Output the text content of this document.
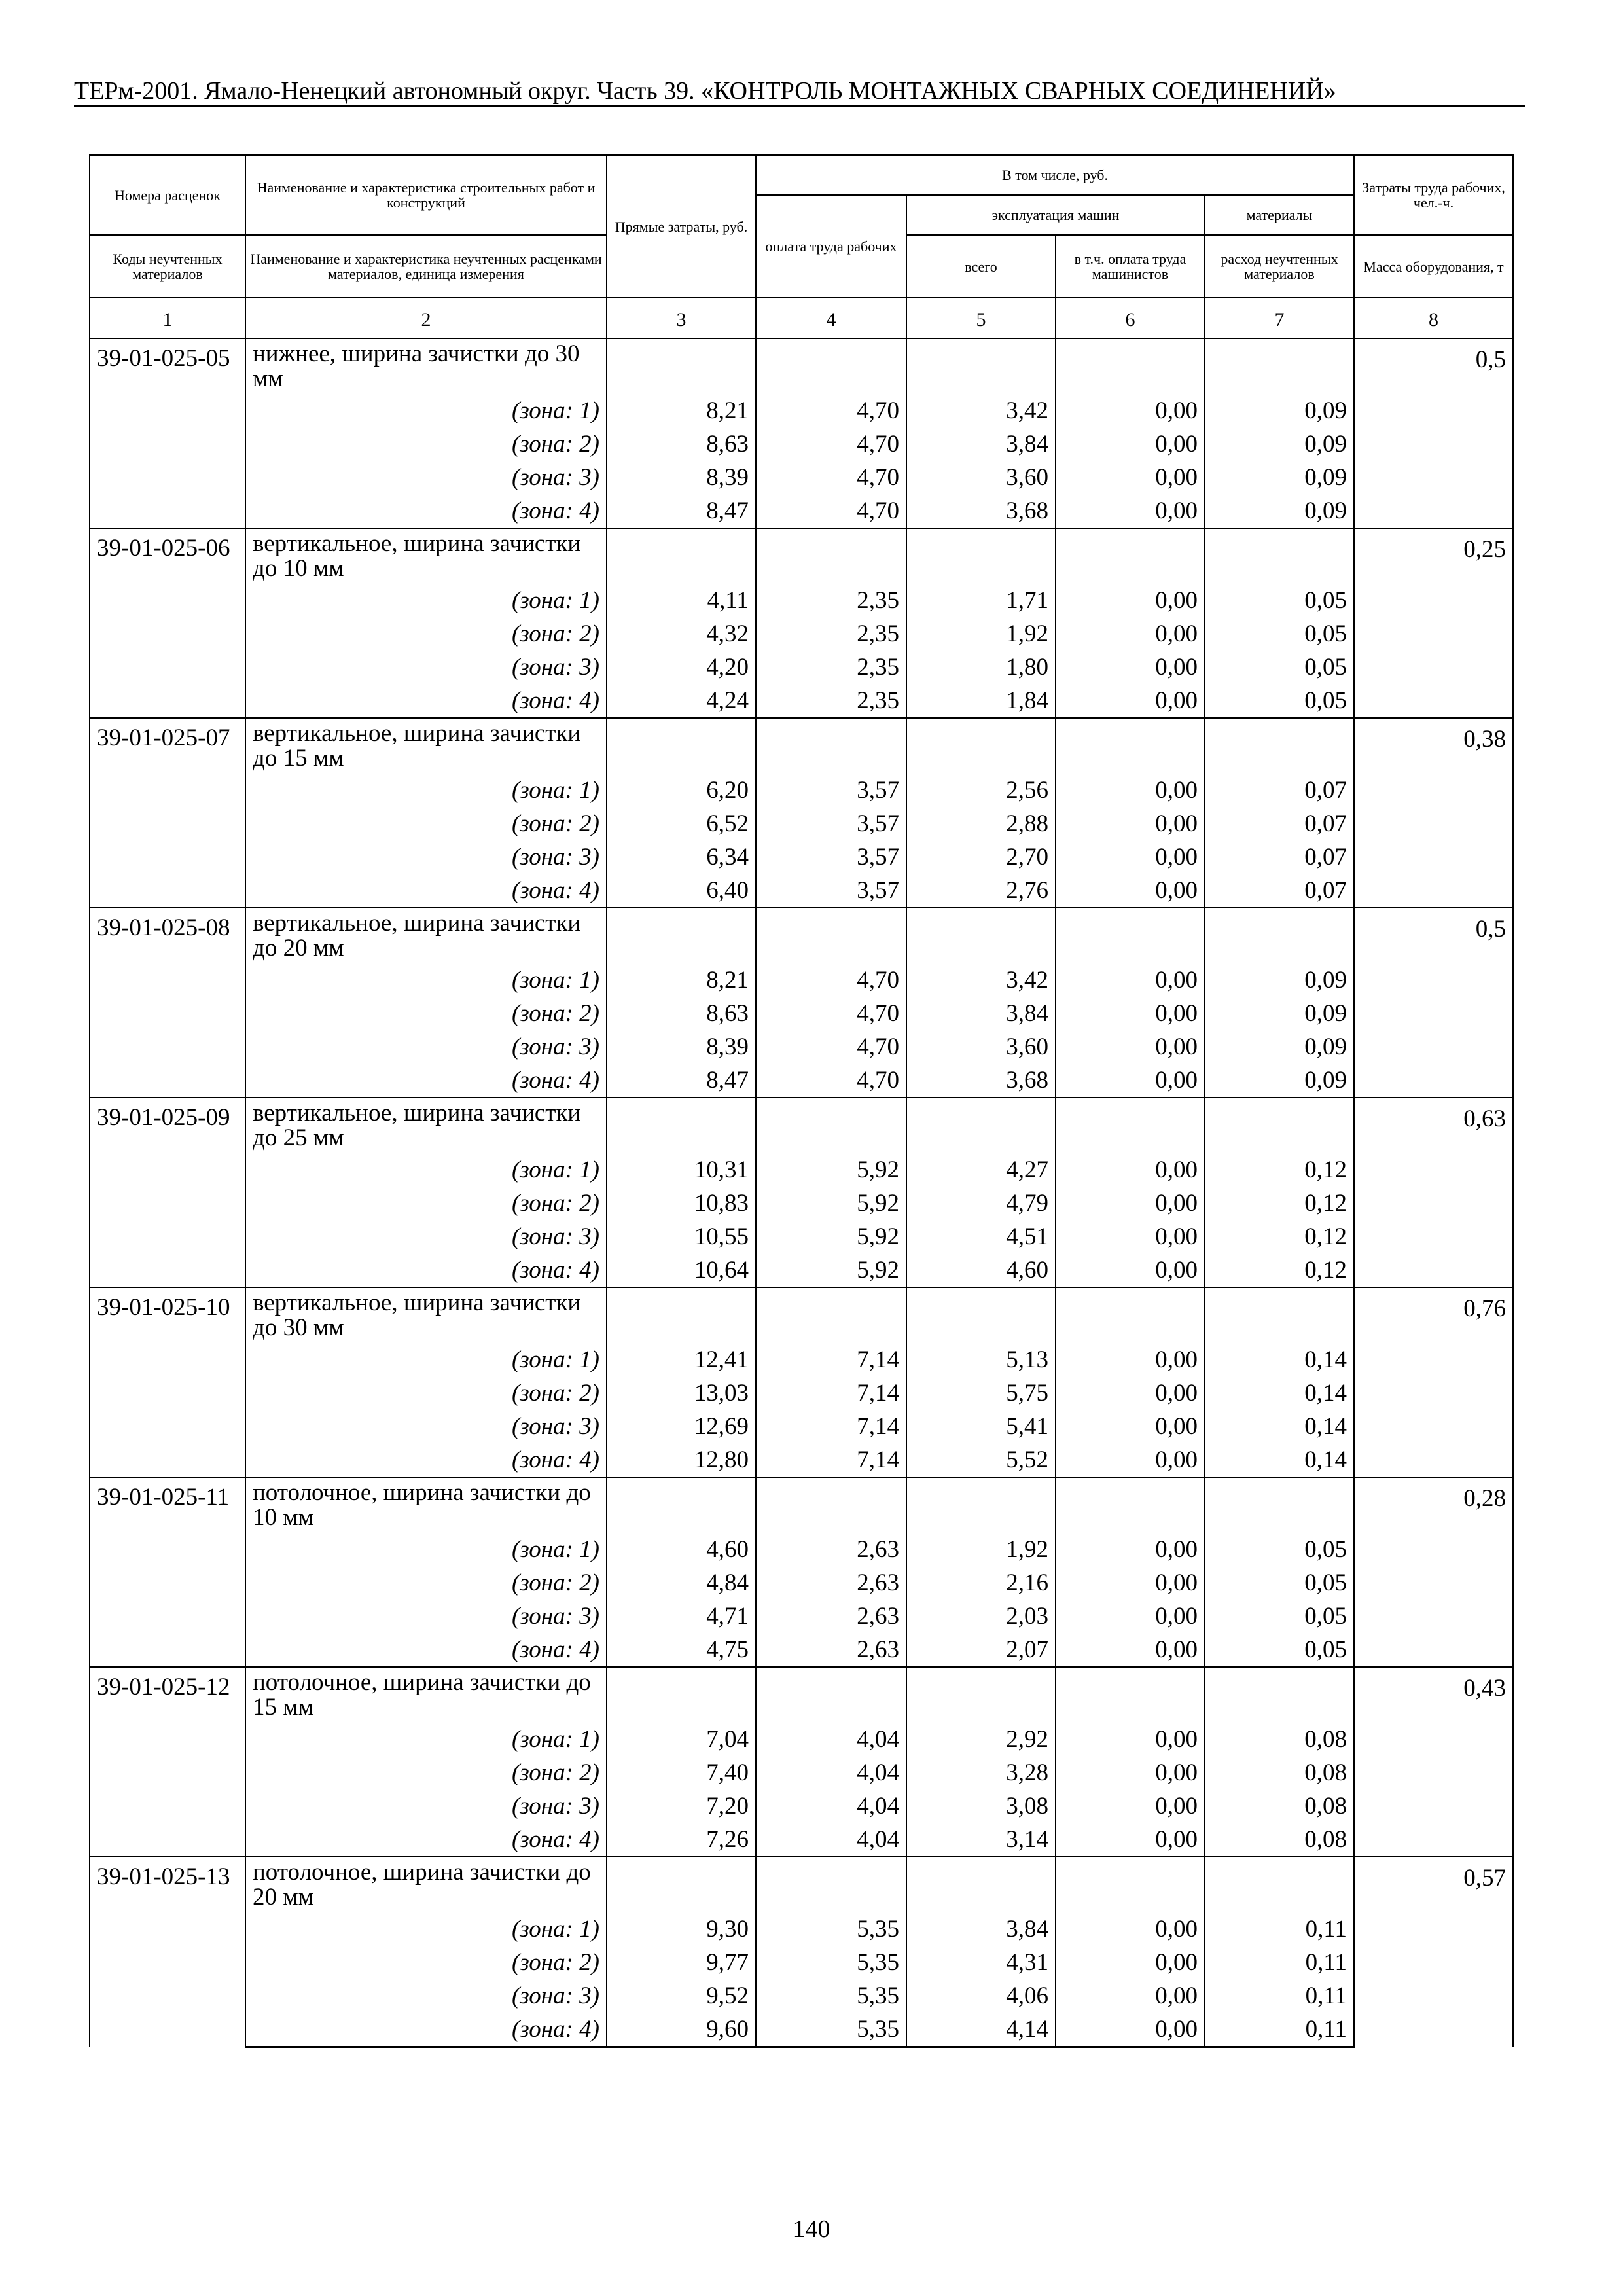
ТЕРм-2001. Ямало-Ненецкий автономный округ. Часть 39. «КОНТРОЛЬ МОНТАЖНЫХ СВАРНЫХ СОЕДИНЕНИЙ»
Номера расценок	Наименование и характеристика строительных работ и конструкций	Прямые затраты, руб.	В том числе, руб.				Затраты труда рабочих, чел.-ч.
			оплата труда рабочих	эксплуатация машин		материалы	
Коды неучтенных материалов	Наименование и характеристика неучтенных расценками материалов, единица измерения			всего	в т.ч. оплата труда машинистов	расход неучтенных материалов	Масса оборудования, т
1	2	3	4	5	6	7	8
39-01-025-05	нижнее, ширина зачистки до 30 мм						0,5
	(зона: 1)	8,21	4,70	3,42	0,00	0,09	
	(зона: 2)	8,63	4,70	3,84	0,00	0,09	
	(зона: 3)	8,39	4,70	3,60	0,00	0,09	
	(зона: 4)	8,47	4,70	3,68	0,00	0,09	
39-01-025-06	вертикальное, ширина зачистки до 10 мм						0,25
	(зона: 1)	4,11	2,35	1,71	0,00	0,05	
	(зона: 2)	4,32	2,35	1,92	0,00	0,05	
	(зона: 3)	4,20	2,35	1,80	0,00	0,05	
	(зона: 4)	4,24	2,35	1,84	0,00	0,05	
39-01-025-07	вертикальное, ширина зачистки до 15 мм						0,38
	(зона: 1)	6,20	3,57	2,56	0,00	0,07	
	(зона: 2)	6,52	3,57	2,88	0,00	0,07	
	(зона: 3)	6,34	3,57	2,70	0,00	0,07	
	(зона: 4)	6,40	3,57	2,76	0,00	0,07	
39-01-025-08	вертикальное, ширина зачистки до 20 мм						0,5
	(зона: 1)	8,21	4,70	3,42	0,00	0,09	
	(зона: 2)	8,63	4,70	3,84	0,00	0,09	
	(зона: 3)	8,39	4,70	3,60	0,00	0,09	
	(зона: 4)	8,47	4,70	3,68	0,00	0,09	
39-01-025-09	вертикальное, ширина зачистки до 25 мм						0,63
	(зона: 1)	10,31	5,92	4,27	0,00	0,12	
	(зона: 2)	10,83	5,92	4,79	0,00	0,12	
	(зона: 3)	10,55	5,92	4,51	0,00	0,12	
	(зона: 4)	10,64	5,92	4,60	0,00	0,12	
39-01-025-10	вертикальное, ширина зачистки до 30 мм						0,76
	(зона: 1)	12,41	7,14	5,13	0,00	0,14	
	(зона: 2)	13,03	7,14	5,75	0,00	0,14	
	(зона: 3)	12,69	7,14	5,41	0,00	0,14	
	(зона: 4)	12,80	7,14	5,52	0,00	0,14	
39-01-025-11	потолочное, ширина зачистки до 10 мм						0,28
	(зона: 1)	4,60	2,63	1,92	0,00	0,05	
	(зона: 2)	4,84	2,63	2,16	0,00	0,05	
	(зона: 3)	4,71	2,63	2,03	0,00	0,05	
	(зона: 4)	4,75	2,63	2,07	0,00	0,05	
39-01-025-12	потолочное, ширина зачистки до 15 мм						0,43
	(зона: 1)	7,04	4,04	2,92	0,00	0,08	
	(зона: 2)	7,40	4,04	3,28	0,00	0,08	
	(зона: 3)	7,20	4,04	3,08	0,00	0,08	
	(зона: 4)	7,26	4,04	3,14	0,00	0,08	
39-01-025-13	потолочное, ширина зачистки до 20 мм						0,57
	(зона: 1)	9,30	5,35	3,84	0,00	0,11	
	(зона: 2)	9,77	5,35	4,31	0,00	0,11	
	(зона: 3)	9,52	5,35	4,06	0,00	0,11	
	(зона: 4)	9,60	5,35	4,14	0,00	0,11	
140
